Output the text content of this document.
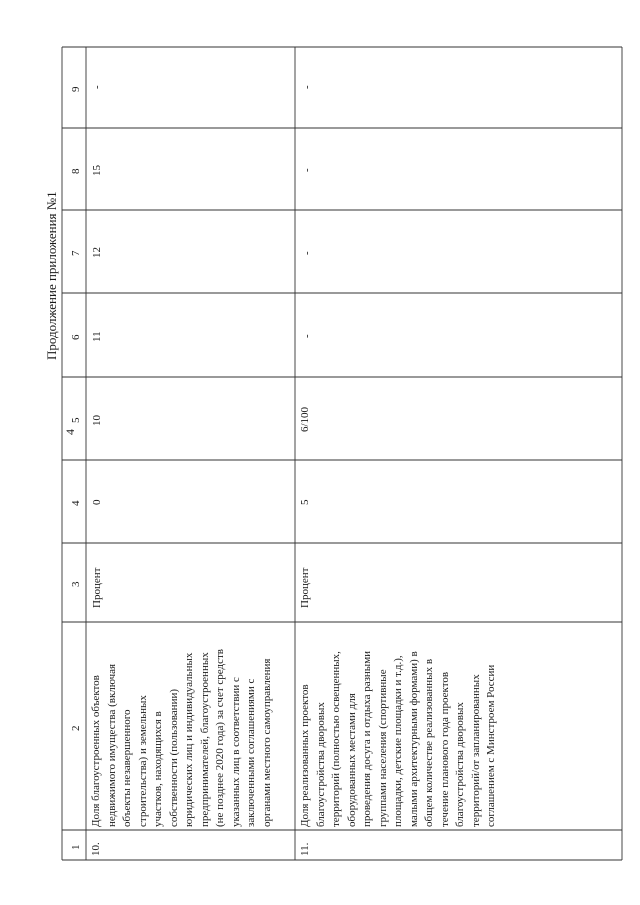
4
Продолжение приложения №1
9
8
7
6
5
4
3
2
1 10.
Доля благоустроенных объектов недвижимого имущества (включая объекты незавершенного строительства) и земельных участков, находящихся в собственности (пользовании) юридических лиц и индивидуальных предпринимателей, благоустроенных (не позднее 2020 года) за счет средств указанных лиц в соответствии с заключенными соглашениями с органами местного самоуправления
Процент
0
10
11
12
15
-
11.
Доля реализованных проектов благоустройства дворовых территорий (полностью освещенных, оборудованных местами для проведения досуга и отдыха разными группами населения (спортивные площадки, детские площадки и т.д.), малыми архитектурными формами) в общем количестве реализованных в течение планового года проектов благоустройства дворовых территорий/от запланированных соглашением с Минстроем России
Процент
5
6/100
-
-
-
-
